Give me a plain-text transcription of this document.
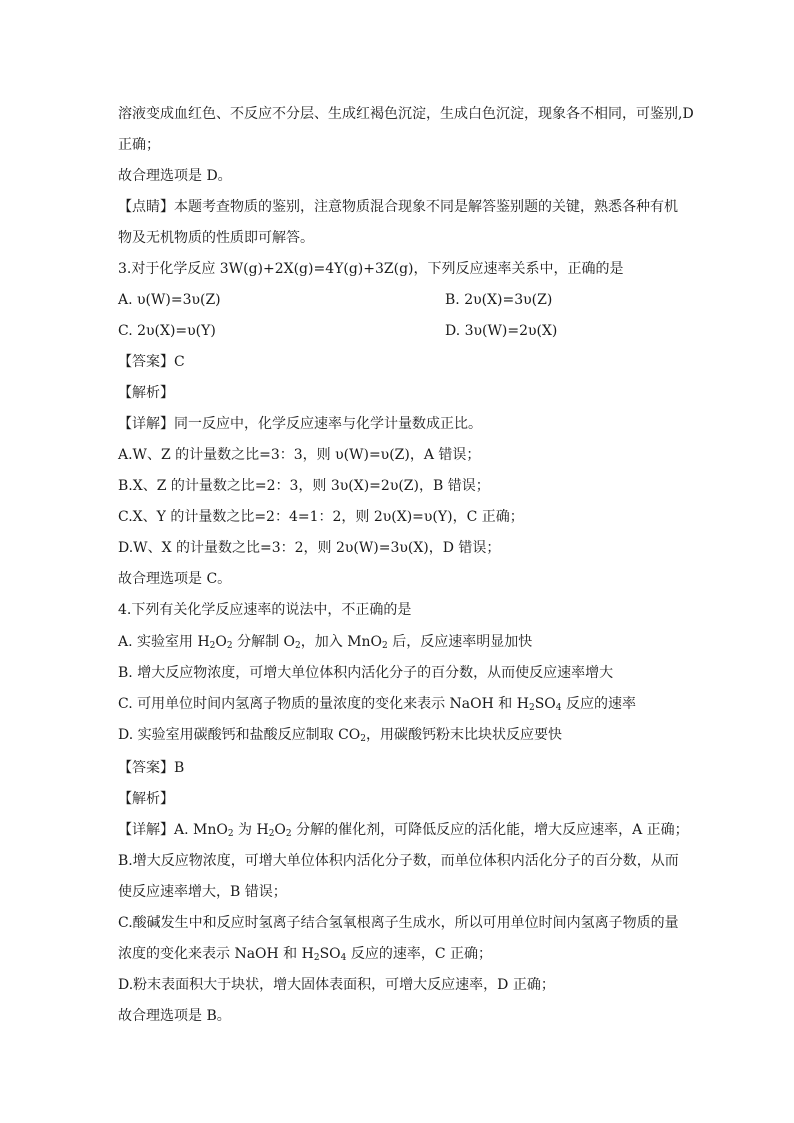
溶液变成血红色、不反应不分层、生成红褐色沉淀，生成白色沉淀，现象各不相同，可鉴别,D
正确；
故合理选项是 D。
【点睛】本题考查物质的鉴别，注意物质混合现象不同是解答鉴别题的关键，熟悉各种有机
物及无机物质的性质即可解答。
3.对于化学反应 3W(g)+2X(g)=4Y(g)+3Z(g)，下列反应速率关系中，正确的是
A. υ(W)=3υ(Z)	B. 2υ(X)=3υ(Z)
C. 2υ(X)=υ(Y)	D. 3υ(W)=2υ(X)
【答案】C
【解析】
【详解】同一反应中，化学反应速率与化学计量数成正比。
A.W、Z 的计量数之比=3：3，则 υ(W)=υ(Z)，A 错误；
B.X、Z 的计量数之比=2：3，则 3υ(X)=2υ(Z)，B 错误；
C.X、Y 的计量数之比=2：4=1：2，则 2υ(X)=υ(Y)，C 正确；
D.W、X 的计量数之比=3：2，则 2υ(W)=3υ(X)，D 错误；
故合理选项是 C。
4.下列有关化学反应速率的说法中，不正确的是
A. 实验室用 $H_2O_2$ 分解制 $O_2$，加入 MnO$_2$ 后，反应速率明显加快
B. 增大反应物浓度，可增大单位体积内活化分子的百分数，从而使反应速率增大
C. 可用单位时间内氢离子物质的量浓度的变化来表示 NaOH 和 $H_2SO_4$ 反应的速率
D. 实验室用碳酸钙和盐酸反应制取 $CO_2$，用碳酸钙粉末比块状反应要快
【答案】B
【解析】
【详解】A. MnO$_2$ 为 $H_2O_2$ 分解的催化剂，可降低反应的活化能，增大反应速率，A 正确；
B.增大反应物浓度，可增大单位体积内活化分子数，而单位体积内活化分子的百分数，从而
使反应速率增大，B 错误；
C.酸碱发生中和反应时氢离子结合氢氧根离子生成水，所以可用单位时间内氢离子物质的量
浓度的变化来表示 NaOH 和 $H_2SO_4$ 反应的速率，C 正确；
D.粉末表面积大于块状，增大固体表面积，可增大反应速率，D 正确；
故合理选项是 B。
